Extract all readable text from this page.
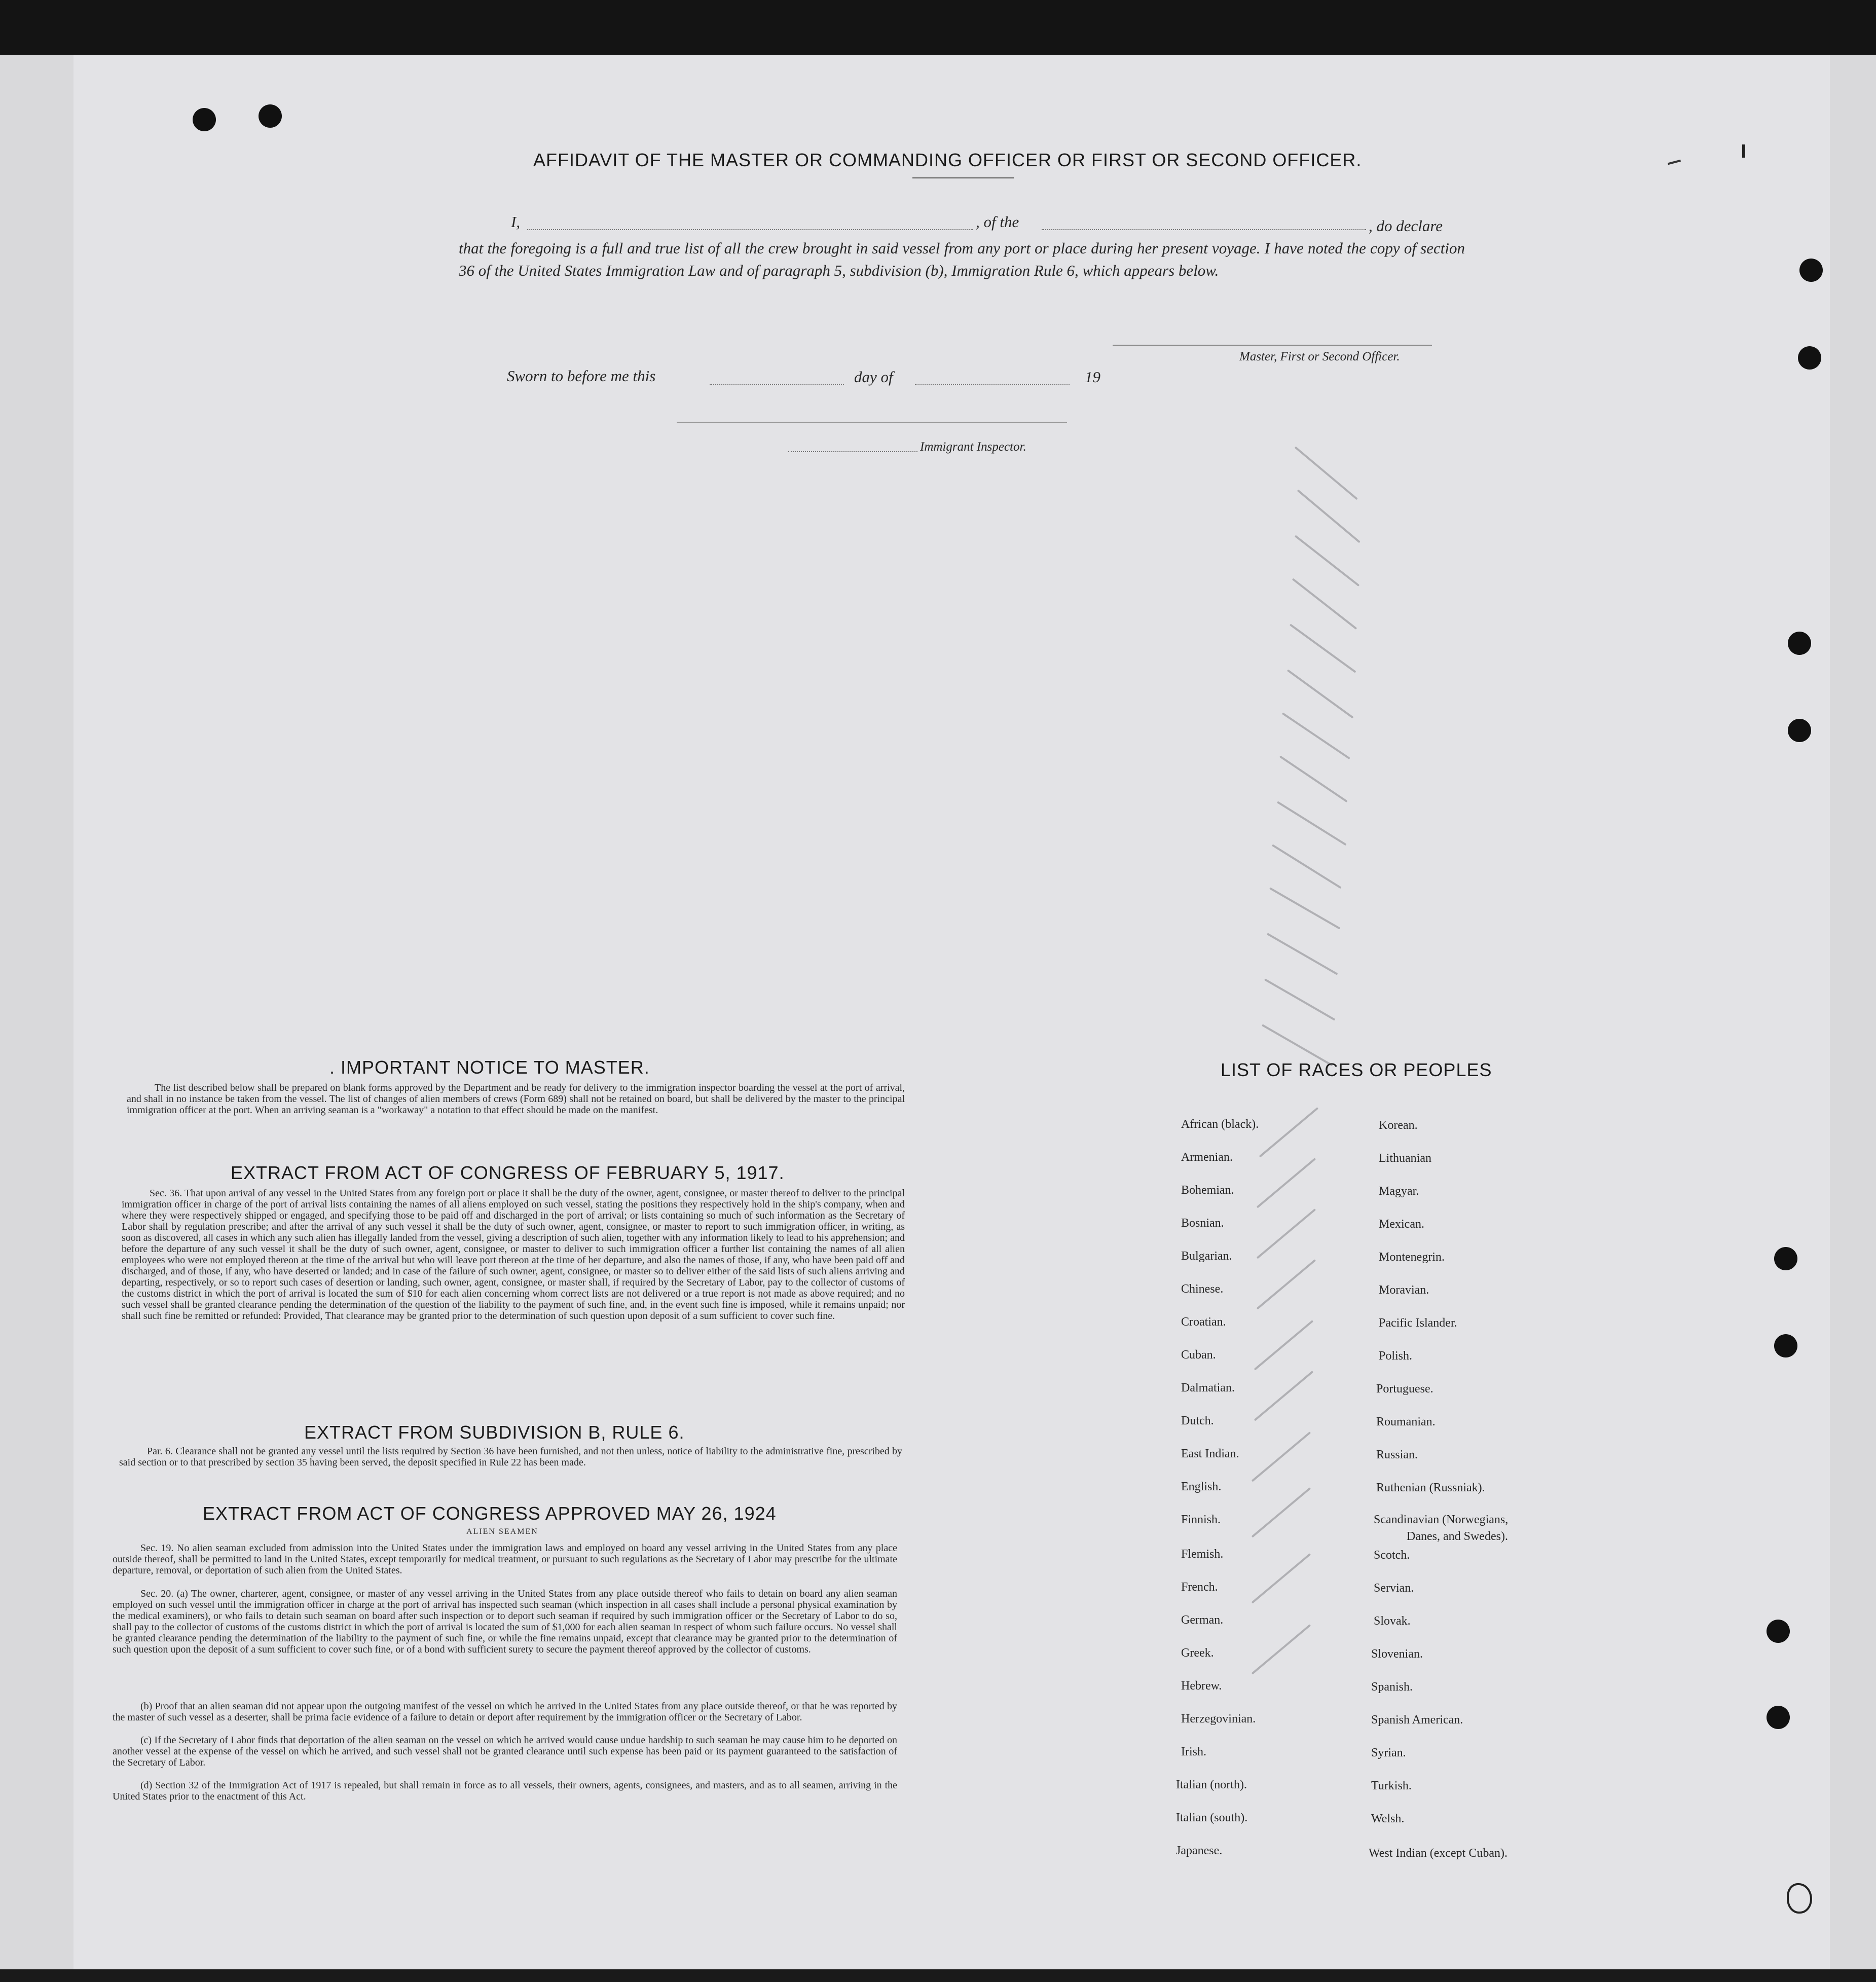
AFFIDAVIT OF THE MASTER OR COMMANDING OFFICER OR FIRST OR SECOND OFFICER.
I,	, of the	, do declare
that the foregoing is a full and true list of all the crew brought in said vessel from any port or place during her present voyage. I have noted the copy of section 36 of the United States Immigration Law and of paragraph 5, subdivision (b), Immigration Rule 6, which appears below.
Master, First or Second Officer.
Sworn to before me this	day of	19
Immigrant Inspector.
. IMPORTANT NOTICE TO MASTER.
The list described below shall be prepared on blank forms approved by the Department and be ready for delivery to the immigration inspector boarding the vessel at the port of arrival, and shall in no instance be taken from the vessel. The list of changes of alien members of crews (Form 689) shall not be retained on board, but shall be delivered by the master to the principal immigration officer at the port. When an arriving seaman is a "workaway" a notation to that effect should be made on the manifest.
EXTRACT FROM ACT OF CONGRESS OF FEBRUARY 5, 1917.
Sec. 36. That upon arrival of any vessel in the United States from any foreign port or place it shall be the duty of the owner, agent, consignee, or master thereof to deliver to the principal immigration officer in charge of the port of arrival lists containing the names of all aliens employed on such vessel, stating the positions they respectively hold in the ship's company, when and where they were respectively shipped or engaged, and specifying those to be paid off and discharged in the port of arrival; or lists containing so much of such information as the Secretary of Labor shall by regulation prescribe; and after the arrival of any such vessel it shall be the duty of such owner, agent, consignee, or master to report to such immigration officer, in writing, as soon as discovered, all cases in which any such alien has illegally landed from the vessel, giving a description of such alien, together with any information likely to lead to his apprehension; and before the departure of any such vessel it shall be the duty of such owner, agent, consignee, or master to deliver to such immigration officer a further list containing the names of all alien employees who were not employed thereon at the time of the arrival but who will leave port thereon at the time of her departure, and also the names of those, if any, who have been paid off and discharged, and of those, if any, who have deserted or landed; and in case of the failure of such owner, agent, consignee, or master so to deliver either of the said lists of such aliens arriving and departing, respectively, or so to report such cases of desertion or landing, such owner, agent, consignee, or master shall, if required by the Secretary of Labor, pay to the collector of customs of the customs district in which the port of arrival is located the sum of $10 for each alien concerning whom correct lists are not delivered or a true report is not made as above required; and no such vessel shall be granted clearance pending the determination of the question of the liability to the payment of such fine, and, in the event such fine is imposed, while it remains unpaid; nor shall such fine be remitted or refunded: Provided, That clearance may be granted prior to the determination of such question upon deposit of a sum sufficient to cover such fine.
EXTRACT FROM SUBDIVISION B, RULE 6.
Par. 6. Clearance shall not be granted any vessel until the lists required by Section 36 have been furnished, and not then unless, notice of liability to the administrative fine, prescribed by said section or to that prescribed by section 35 having been served, the deposit specified in Rule 22 has been made.
EXTRACT FROM ACT OF CONGRESS APPROVED MAY 26, 1924
ALIEN SEAMEN
Sec. 19. No alien seaman excluded from admission into the United States under the immigration laws and employed on board any vessel arriving in the United States from any place outside thereof, shall be permitted to land in the United States, except temporarily for medical treatment, or pursuant to such regulations as the Secretary of Labor may prescribe for the ultimate departure, removal, or deportation of such alien from the United States.
Sec. 20. (a) The owner, charterer, agent, consignee, or master of any vessel arriving in the United States from any place outside thereof who fails to detain on board any alien seaman employed on such vessel until the immigration officer in charge at the port of arrival has inspected such seaman (which inspection in all cases shall include a personal physical examination by the medical examiners), or who fails to detain such seaman on board after such inspection or to deport such seaman if required by such immigration officer or the Secretary of Labor to do so, shall pay to the collector of customs of the customs district in which the port of arrival is located the sum of $1,000 for each alien seaman in respect of whom such failure occurs. No vessel shall be granted clearance pending the determination of the liability to the payment of such fine, or while the fine remains unpaid, except that clearance may be granted prior to the determination of such question upon the deposit of a sum sufficient to cover such fine, or of a bond with sufficient surety to secure the payment thereof approved by the collector of customs.
(b) Proof that an alien seaman did not appear upon the outgoing manifest of the vessel on which he arrived in the United States from any place outside thereof, or that he was reported by the master of such vessel as a deserter, shall be prima facie evidence of a failure to detain or deport after requirement by the immigration officer or the Secretary of Labor.
(c) If the Secretary of Labor finds that deportation of the alien seaman on the vessel on which he arrived would cause undue hardship to such seaman he may cause him to be deported on another vessel at the expense of the vessel on which he arrived, and such vessel shall not be granted clearance until such expense has been paid or its payment guaranteed to the satisfaction of the Secretary of Labor.
(d) Section 32 of the Immigration Act of 1917 is repealed, but shall remain in force as to all vessels, their owners, agents, consignees, and masters, and as to all seamen, arriving in the United States prior to the enactment of this Act.
LIST OF RACES OR PEOPLES
African (black).
Armenian.
Bohemian.
Bosnian.
Bulgarian.
Chinese.
Croatian.
Cuban.
Dalmatian.
Dutch.
East Indian.
English.
Finnish.
Flemish.
French.
German.
Greek.
Hebrew.
Herzegovinian.
Irish.
Italian (north).
Italian (south).
Japanese.
Korean.
Lithuanian
Magyar.
Mexican.
Montenegrin.
Moravian.
Pacific Islander.
Polish.
Portuguese.
Roumanian.
Russian.
Ruthenian (Russniak).
Scandinavian (Norwegians,
Danes, and Swedes).
Scotch.
Servian.
Slovak.
Slovenian.
Spanish.
Spanish American.
Syrian.
Turkish.
Welsh.
West Indian (except Cuban).
